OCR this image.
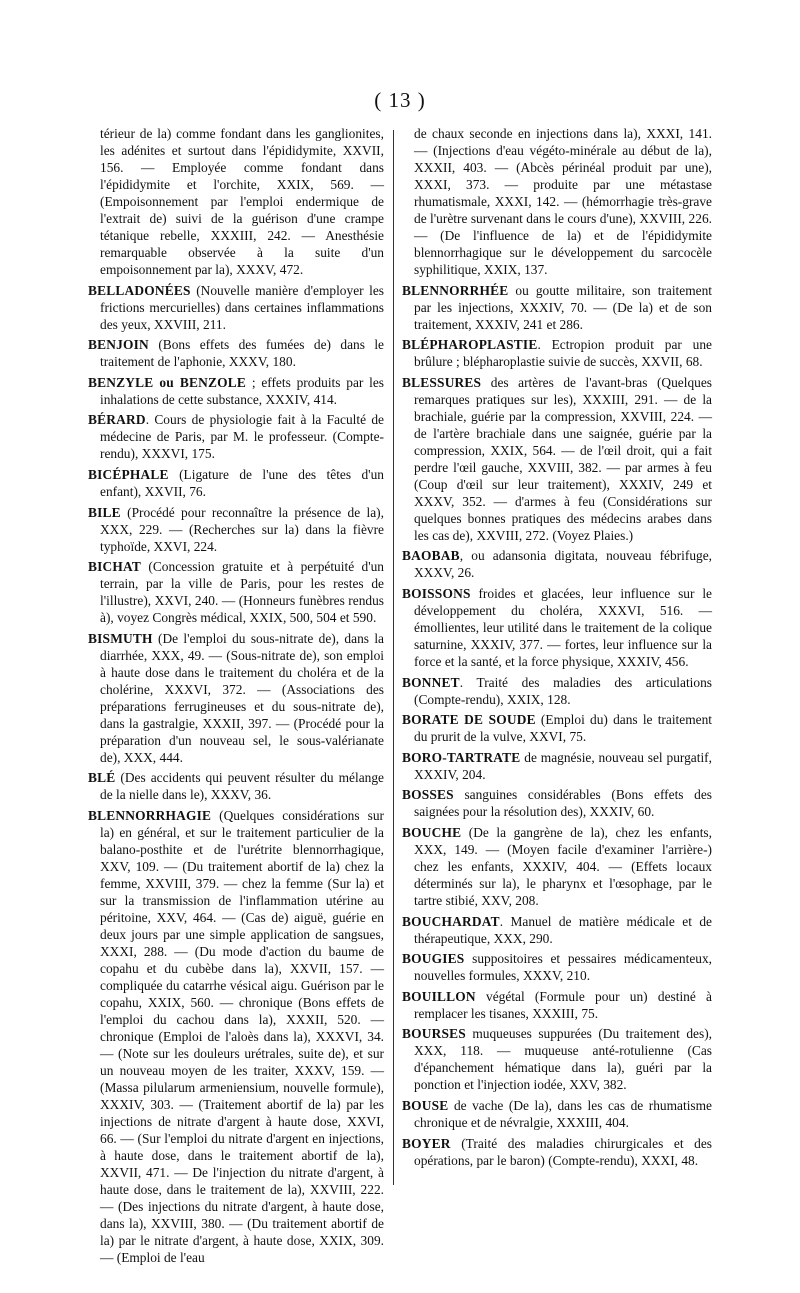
( 13 )

térieur de la) comme fondant dans les ganglionites, les adénites et surtout dans l'épididymite, XXVII, 156. — Employée comme fondant dans l'épididymite et l'orchite, XXIX, 569. — (Empoisonnement par l'emploi endermique de l'extrait de) suivi de la guérison d'une crampe tétanique rebelle, XXXIII, 242. — Anesthésie remarquable observée à la suite d'un empoisonnement par la), XXXV, 472.

BELLADONÉES (Nouvelle manière d'employer les frictions mercurielles) dans certaines inflammations des yeux, XXVIII, 211.

BENJOIN (Bons effets des fumées de) dans le traitement de l'aphonie, XXXV, 180.

BENZYLE ou BENZOLE ; effets produits par les inhalations de cette substance, XXXIV, 414.

BÉRARD. Cours de physiologie fait à la Faculté de médecine de Paris, par M. le professeur. (Compte-rendu), XXXVI, 175.

BICÉPHALE (Ligature de l'une des têtes d'un enfant), XXVII, 76.

BILE (Procédé pour reconnaître la présence de la), XXX, 229. — (Recherches sur la) dans la fièvre typhoïde, XXVI, 224.

BICHAT (Concession gratuite et à perpétuité d'un terrain, par la ville de Paris, pour les restes de l'illustre), XXVI, 240. — (Honneurs funèbres rendus à), voyez Congrès médical, XXIX, 500, 504 et 590.

BISMUTH (De l'emploi du sous-nitrate de), dans la diarrhée, XXX, 49. — (Sous-nitrate de), son emploi à haute dose dans le traitement du choléra et de la cholérine, XXXVI, 372. — (Associations des préparations ferrugineuses et du sous-nitrate de), dans la gastralgie, XXXII, 397. — (Procédé pour la préparation d'un nouveau sel, le sous-valérianate de), XXX, 444.

BLÉ (Des accidents qui peuvent résulter du mélange de la nielle dans le), XXXV, 36.

BLENNORRHAGIE (Quelques considérations sur la) en général, et sur le traitement particulier de la balano-posthite et de l'urétrite blennorrhagique, XXV, 109. — (Du traitement abortif de la) chez la femme, XXVIII, 379. — chez la femme (Sur la) et sur la transmission de l'inflammation utérine au péritoine, XXV, 464. — (Cas de) aiguë, guérie en deux jours par une simple application de sangsues, XXXI, 288. — (Du mode d'action du baume de copahu et du cubèbe dans la), XXVII, 157. — compliquée du catarrhe vésical aigu. Guérison par le copahu, XXIX, 560. — chronique (Bons effets de l'emploi du cachou dans la), XXXII, 520. — chronique (Emploi de l'aloès dans la), XXXVI, 34. — (Note sur les douleurs urétrales, suite de), et sur un nouveau moyen de les traiter, XXXV, 159. — (Massa pilularum armeniensium, nouvelle formule), XXXIV, 303. — (Traitement abortif de la) par les injections de nitrate d'argent à haute dose, XXVI, 66. — (Sur l'emploi du nitrate d'argent en injections, à haute dose, dans le traitement abortif de la), XXVII, 471. — De l'injection du nitrate d'argent, à haute dose, dans le traitement de la), XXVIII, 222. — (Des injections du nitrate d'argent, à haute dose, dans la), XXVIII, 380. — (Du traitement abortif de la) par le nitrate d'argent, à haute dose, XXIX, 309. — (Emploi de l'eau

de chaux seconde en injections dans la), XXXI, 141. — (Injections d'eau végéto-minérale au début de la), XXXII, 403. — (Abcès périnéal produit par une), XXXI, 373. — produite par une métastase rhumatismale, XXXI, 142. — (hémorrhagie très-grave de l'urètre survenant dans le cours d'une), XXVIII, 226. — (De l'influence de la) et de l'épididymite blennorrhagique sur le développement du sarcocèle syphilitique, XXIX, 137.

BLENNORRHÉE ou goutte militaire, son traitement par les injections, XXXIV, 70. — (De la) et de son traitement, XXXIV, 241 et 286.

BLÉPHAROPLASTIE. Ectropion produit par une brûlure ; blépharoplastie suivie de succès, XXVII, 68.

BLESSURES des artères de l'avant-bras (Quelques remarques pratiques sur les), XXXIII, 291. — de la brachiale, guérie par la compression, XXVIII, 224. — de l'artère brachiale dans une saignée, guérie par la compression, XXIX, 564. — de l'œil droit, qui a fait perdre l'œil gauche, XXVIII, 382. — par armes à feu (Coup d'œil sur leur traitement), XXXIV, 249 et XXXV, 352. — d'armes à feu (Considérations sur quelques bonnes pratiques des médecins arabes dans les cas de), XXVIII, 272. (Voyez Plaies.)

BAOBAB, ou adansonia digitata, nouveau fébrifuge, XXXV, 26.

BOISSONS froides et glacées, leur influence sur le développement du choléra, XXXVI, 516. — émollientes, leur utilité dans le traitement de la colique saturnine, XXXIV, 377. — fortes, leur influence sur la force et la santé, et la force physique, XXXIV, 456.

BONNET. Traité des maladies des articulations (Compte-rendu), XXIX, 128.

BORATE DE SOUDE (Emploi du) dans le traitement du prurit de la vulve, XXVI, 75.

BORO-TARTRATE de magnésie, nouveau sel purgatif, XXXIV, 204.

BOSSES sanguines considérables (Bons effets des saignées pour la résolution des), XXXIV, 60.

BOUCHE (De la gangrène de la), chez les enfants, XXX, 149. — (Moyen facile d'examiner l'arrière-) chez les enfants, XXXIV, 404. — (Effets locaux déterminés sur la), le pharynx et l'œsophage, par le tartre stibié, XXV, 208.

BOUCHARDAT. Manuel de matière médicale et de thérapeutique, XXX, 290.

BOUGIES suppositoires et pessaires médicamenteux, nouvelles formules, XXXV, 210.

BOUILLON végétal (Formule pour un) destiné à remplacer les tisanes, XXXIII, 75.

BOURSES muqueuses suppurées (Du traitement des), XXX, 118. — muqueuse anté-rotulienne (Cas d'épanchement hématique dans la), guéri par la ponction et l'injection iodée, XXV, 382.

BOUSE de vache (De la), dans les cas de rhumatisme chronique et de névralgie, XXXIII, 404.

BOYER (Traité des maladies chirurgicales et des opérations, par le baron) (Compte-rendu), XXXI, 48.
